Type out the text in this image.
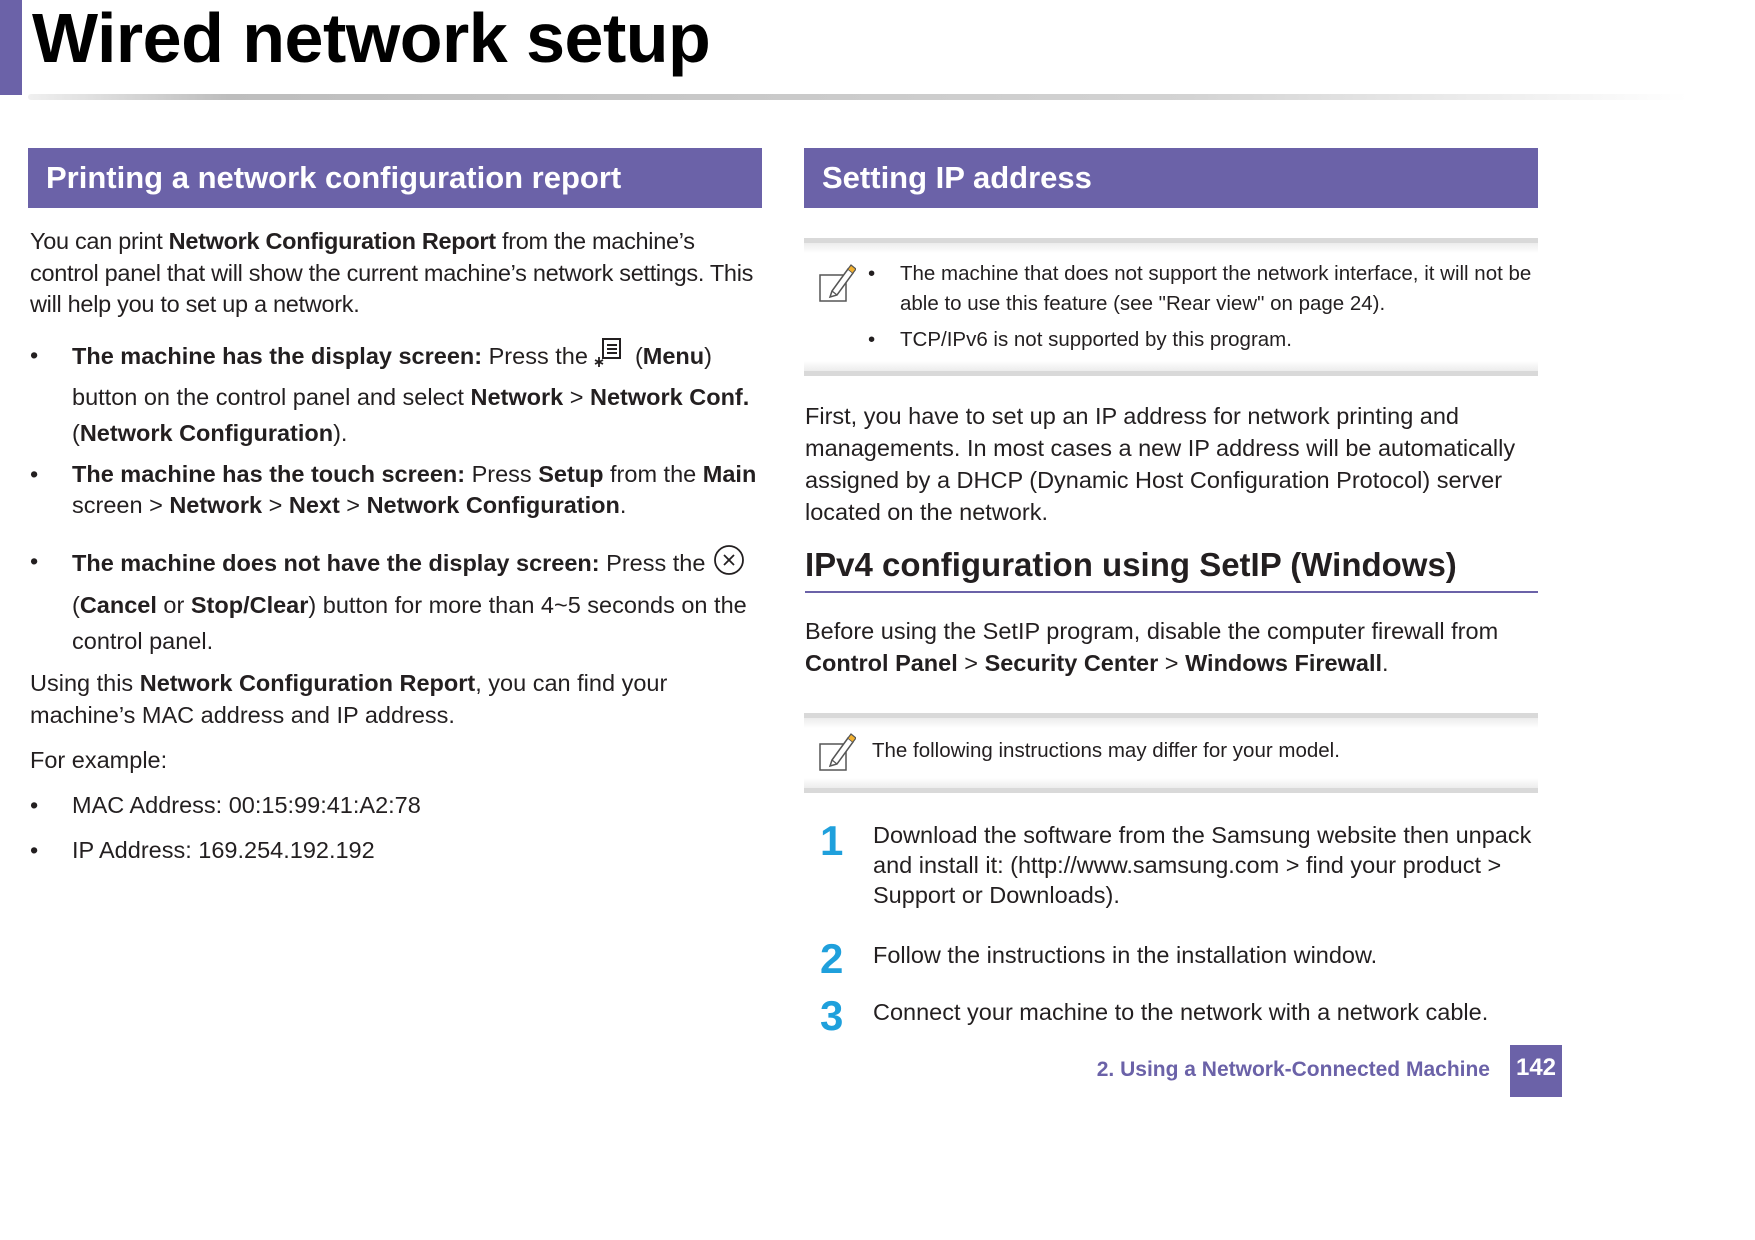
Wired network setup
Printing a network configuration report

You can print Network Configuration Report from the machine’s control panel that will show the current machine’s network settings. This will help you to set up a network.

• The machine has the display screen: Press the  (Menu) button on the control panel and select Network > Network Conf. (Network Configuration).
• The machine has the touch screen: Press Setup from the Main screen > Network > Next > Network Configuration.
• The machine does not have the display screen: Press the  (Cancel or Stop/Clear) button for more than 4~5 seconds on the control panel.

Using this Network Configuration Report, you can find your machine’s MAC address and IP address.

For example:

• MAC Address: 00:15:99:41:A2:78
• IP Address: 169.254.192.192
Setting IP address
• The machine that does not support the network interface, it will not be able to use this feature (see "Rear view" on page 24).
• TCP/IPv6 is not supported by this program.

First, you have to set up an IP address for network printing and managements. In most cases a new IP address will be automatically assigned by a DHCP (Dynamic Host Configuration Protocol) server located on the network.

IPv4 configuration using SetIP (Windows)

Before using the SetIP program, disable the computer firewall from Control Panel > Security Center > Windows Firewall.

The following instructions may differ for your model.
1 Download the software from the Samsung website then unpack and install it: (http://www.samsung.com > find your product > Support or Downloads).
2 Follow the instructions in the installation window.
3 Connect your machine to the network with a network cable.
2. Using a Network-Connected Machine 142
